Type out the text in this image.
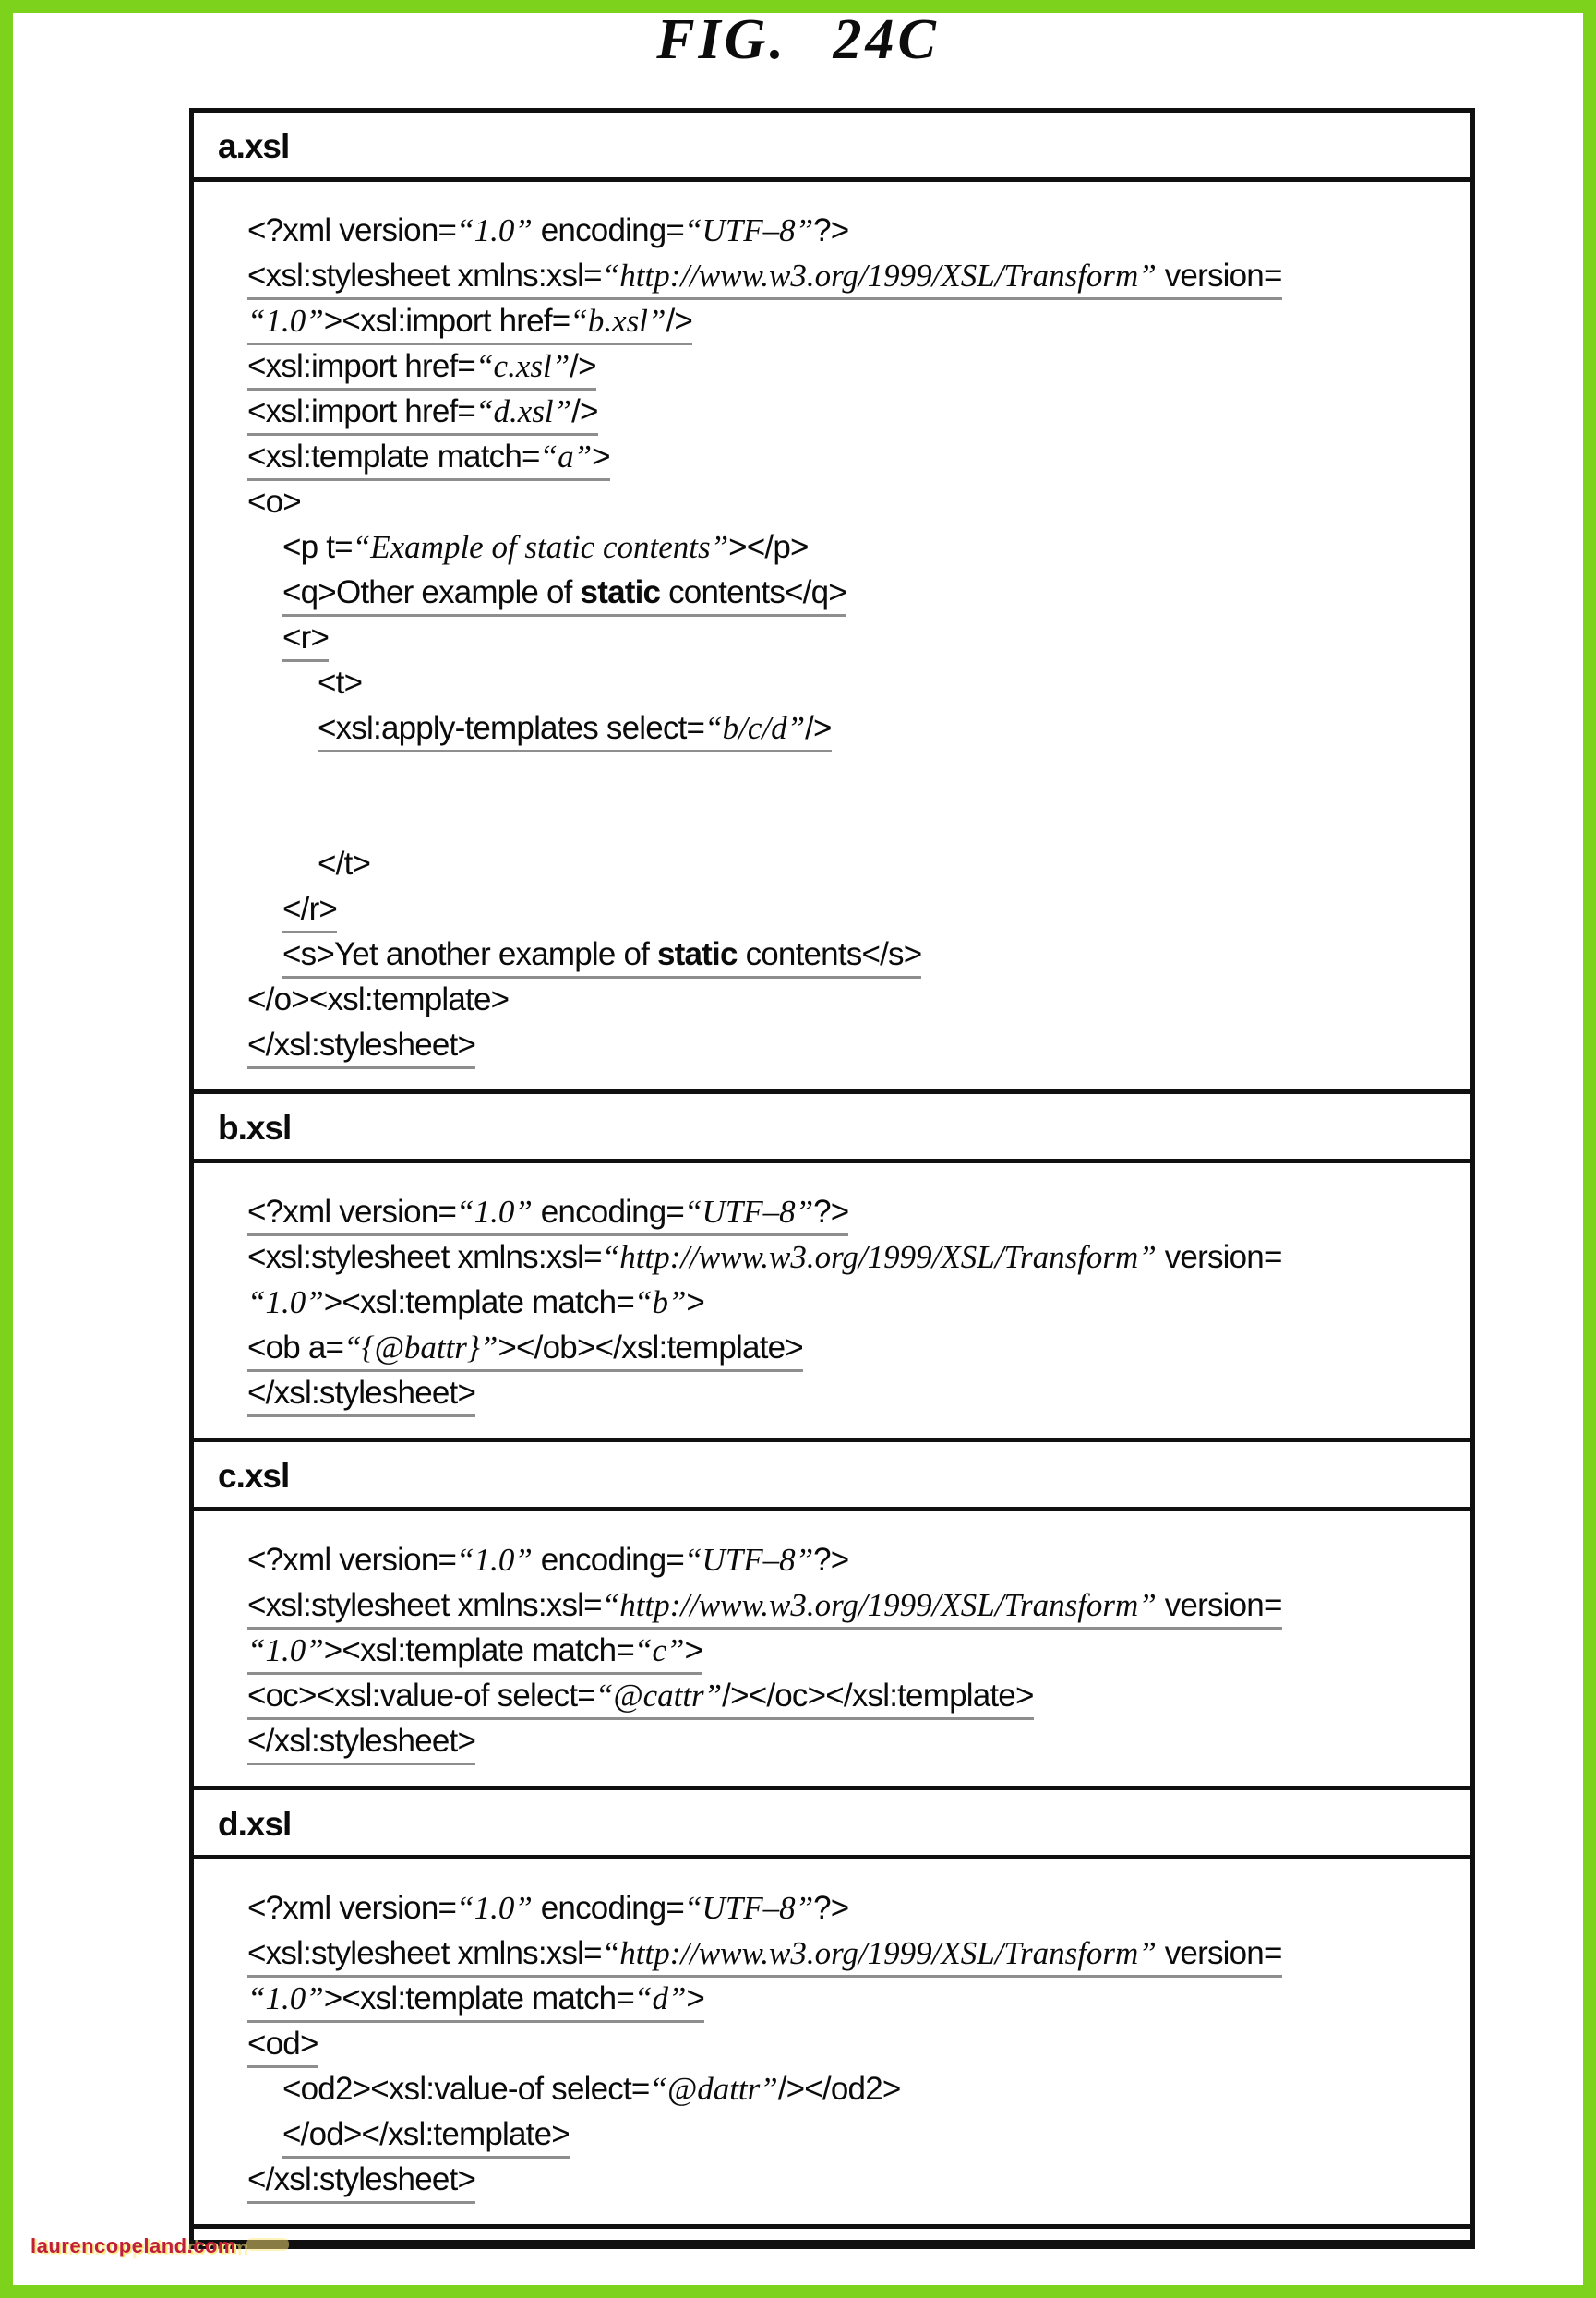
FIG. 24C
a.xsl
<?xml version=“1.0” encoding=“UTF–8”?>
<xsl:stylesheet xmlns:xsl=“http://www.w3.org/1999/XSL/Transform” version=
“1.0”><xsl:import href=“b.xsl”/>
<xsl:import href=“c.xsl”/>
<xsl:import href=“d.xsl”/>
<xsl:template match=“a”>
<o>
<p t=“Example of static contents”></p>
<q>Other example of static contents</q>
<r>
<t>
<xsl:apply-templates select=“b/c/d”/>
</t>
</r>
<s>Yet another example of static contents</s>
</o><xsl:template>
</xsl:stylesheet>
b.xsl
<?xml version=“1.0” encoding=“UTF–8”?>
<xsl:stylesheet xmlns:xsl=“http://www.w3.org/1999/XSL/Transform” version=
“1.0”><xsl:template match=“b”>
<ob a=“{@battr}”></ob></xsl:template>
</xsl:stylesheet>
c.xsl
<?xml version=“1.0” encoding=“UTF–8”?>
<xsl:stylesheet xmlns:xsl=“http://www.w3.org/1999/XSL/Transform” version=
“1.0”><xsl:template match=“c”>
<oc><xsl:value-of select=“@cattr”/></oc></xsl:template>
</xsl:stylesheet>
d.xsl
<?xml version=“1.0” encoding=“UTF–8”?>
<xsl:stylesheet xmlns:xsl=“http://www.w3.org/1999/XSL/Transform” version=
“1.0”><xsl:template match=“d”>
<od>
<od2><xsl:value-of select=“@dattr”/></od2>
</od></xsl:template>
</xsl:stylesheet>
laurencopeland.com
